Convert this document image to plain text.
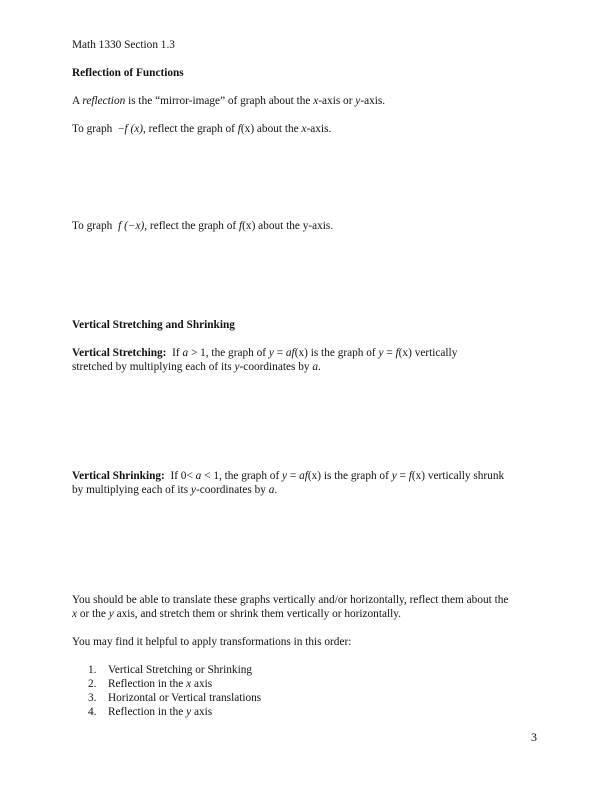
Math 1330 Section 1.3

Reflection of Functions

A reflection is the “mirror-image” of graph about the x-axis or y-axis.

To graph −f (x), reflect the graph of f(x) about the x-axis.

To graph f (−x), reflect the graph of f(x) about the y-axis.

Vertical Stretching and Shrinking

Vertical Stretching: If a > 1, the graph of y = af(x) is the graph of y = f(x) vertically
stretched by multiplying each of its y-coordinates by a.

Vertical Shrinking: If 0< a < 1, the graph of y = af(x) is the graph of y = f(x) vertically shrunk
by multiplying each of its y-coordinates by a.

You should be able to translate these graphs vertically and/or horizontally, reflect them about the
x or the y axis, and stretch them or shrink them vertically or horizontally.

You may find it helpful to apply transformations in this order:

1.	Vertical Stretching or Shrinking
2.	Reflection in the x axis
3.	Horizontal or Vertical translations
4.	Reflection in the y axis
3
